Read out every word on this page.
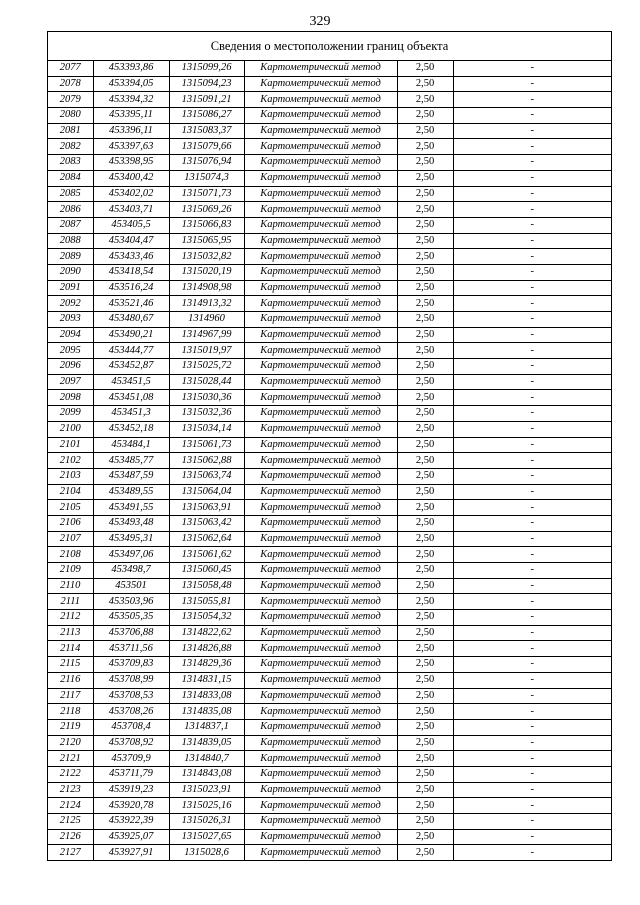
329
Сведения о местоположении границ объекта
2077	453393,86	1315099,26	Картометрический метод	2,50	-
2078	453394,05	1315094,23	Картометрический метод	2,50	-
2079	453394,32	1315091,21	Картометрический метод	2,50	-
2080	453395,11	1315086,27	Картометрический метод	2,50	-
2081	453396,11	1315083,37	Картометрический метод	2,50	-
2082	453397,63	1315079,66	Картометрический метод	2,50	-
2083	453398,95	1315076,94	Картометрический метод	2,50	-
2084	453400,42	1315074,3	Картометрический метод	2,50	-
2085	453402,02	1315071,73	Картометрический метод	2,50	-
2086	453403,71	1315069,26	Картометрический метод	2,50	-
2087	453405,5	1315066,83	Картометрический метод	2,50	-
2088	453404,47	1315065,95	Картометрический метод	2,50	-
2089	453433,46	1315032,82	Картометрический метод	2,50	-
2090	453418,54	1315020,19	Картометрический метод	2,50	-
2091	453516,24	1314908,98	Картометрический метод	2,50	-
2092	453521,46	1314913,32	Картометрический метод	2,50	-
2093	453480,67	1314960	Картометрический метод	2,50	-
2094	453490,21	1314967,99	Картометрический метод	2,50	-
2095	453444,77	1315019,97	Картометрический метод	2,50	-
2096	453452,87	1315025,72	Картометрический метод	2,50	-
2097	453451,5	1315028,44	Картометрический метод	2,50	-
2098	453451,08	1315030,36	Картометрический метод	2,50	-
2099	453451,3	1315032,36	Картометрический метод	2,50	-
2100	453452,18	1315034,14	Картометрический метод	2,50	-
2101	453484,1	1315061,73	Картометрический метод	2,50	-
2102	453485,77	1315062,88	Картометрический метод	2,50	-
2103	453487,59	1315063,74	Картометрический метод	2,50	-
2104	453489,55	1315064,04	Картометрический метод	2,50	-
2105	453491,55	1315063,91	Картометрический метод	2,50	-
2106	453493,48	1315063,42	Картометрический метод	2,50	-
2107	453495,31	1315062,64	Картометрический метод	2,50	-
2108	453497,06	1315061,62	Картометрический метод	2,50	-
2109	453498,7	1315060,45	Картометрический метод	2,50	-
2110	453501	1315058,48	Картометрический метод	2,50	-
2111	453503,96	1315055,81	Картометрический метод	2,50	-
2112	453505,35	1315054,32	Картометрический метод	2,50	-
2113	453706,88	1314822,62	Картометрический метод	2,50	-
2114	453711,56	1314826,88	Картометрический метод	2,50	-
2115	453709,83	1314829,36	Картометрический метод	2,50	-
2116	453708,99	1314831,15	Картометрический метод	2,50	-
2117	453708,53	1314833,08	Картометрический метод	2,50	-
2118	453708,26	1314835,08	Картометрический метод	2,50	-
2119	453708,4	1314837,1	Картометрический метод	2,50	-
2120	453708,92	1314839,05	Картометрический метод	2,50	-
2121	453709,9	1314840,7	Картометрический метод	2,50	-
2122	453711,79	1314843,08	Картометрический метод	2,50	-
2123	453919,23	1315023,91	Картометрический метод	2,50	-
2124	453920,78	1315025,16	Картометрический метод	2,50	-
2125	453922,39	1315026,31	Картометрический метод	2,50	-
2126	453925,07	1315027,65	Картометрический метод	2,50	-
2127	453927,91	1315028,6	Картометрический метод	2,50	-
